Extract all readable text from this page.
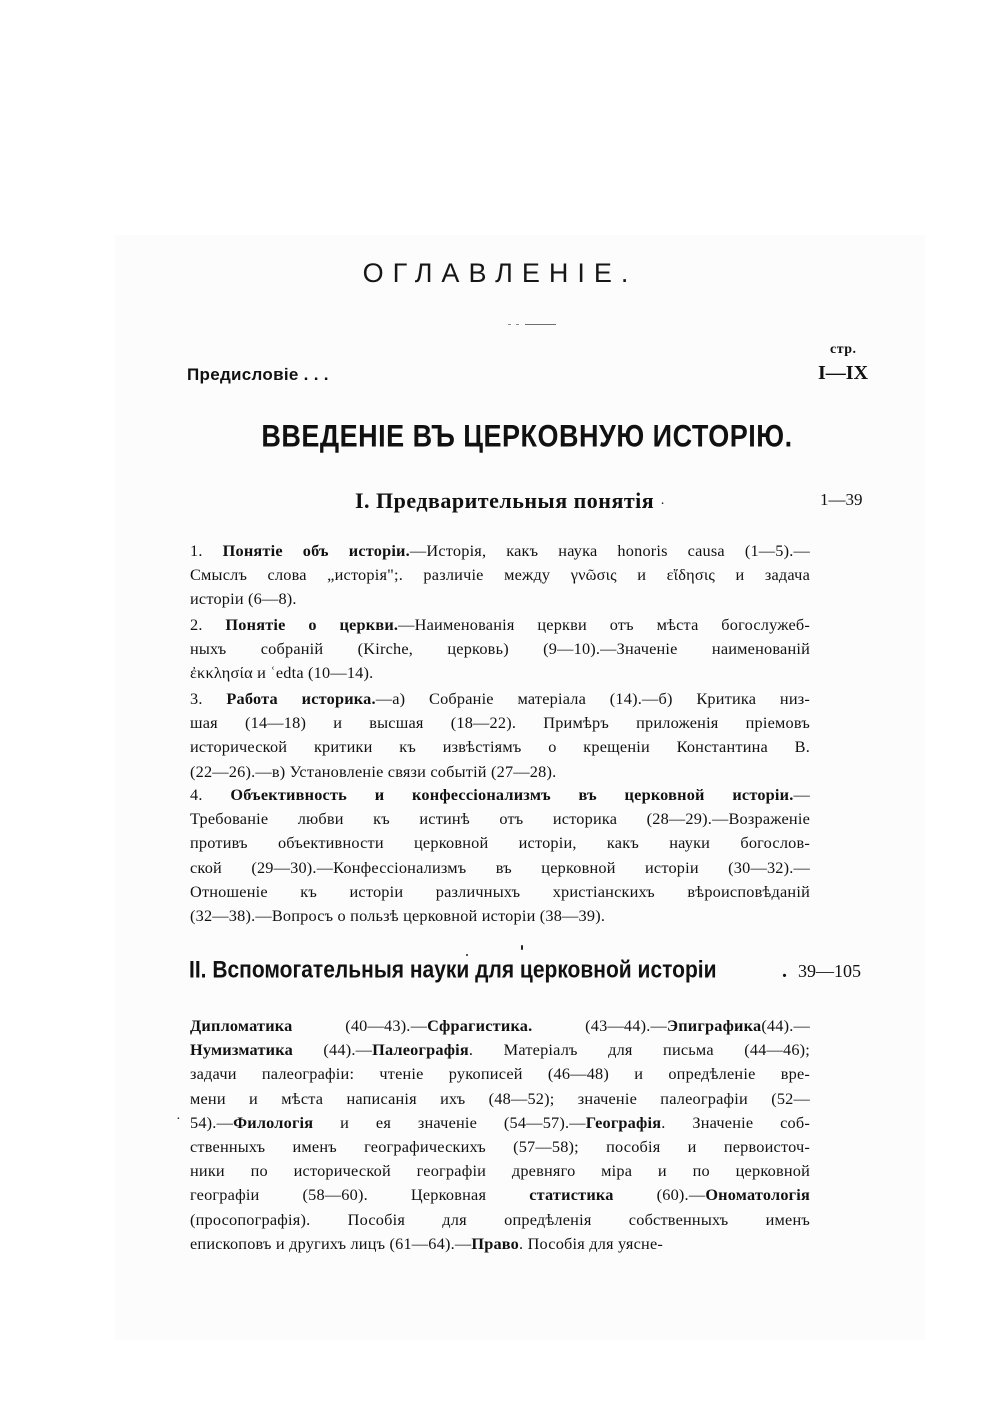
ОГЛАВЛЕНІЕ.
стр.
Предисловіе . . .	I—IX
ВВЕДЕНІЕ ВЪ ЦЕРКОВНУЮ ИСТОРІЮ.
I. Предварительныя понятія ·	1—39
1. Понятіе объ исторіи.—Исторія, какъ наука honoris causa (1—5).—
Смыслъ слова „исторія";. различіе между γνῶσις и εἴδησις и задача
исторіи (6—8).
2. Понятіе о церкви.—Наименованія церкви отъ мѣста богослужеб-
ныхъ собраній (Kirche, церковь) (9—10).—Значеніе наименованій
ἐκκλησία и ʿedta (10—14).
3. Работа историка.—а) Собраніе матеріала (14).—б) Критика низ-
шая (14—18) и высшая (18—22). Примѣръ приложенія пріемовъ
исторической критики къ извѣстіямъ о крещеніи Константина В.
(22—26).—в) Установленіе связи событій (27—28).
4. Объективность и конфессіонализмъ въ церковной исторіи.—
Требованіе любви къ истинѣ отъ историка (28—29).—Возраженіе
противъ объективности церковной исторіи, какъ науки богослов-
ской (29—30).—Конфессіонализмъ въ церковной исторіи (30—32).—
Отношеніе къ исторіи различныхъ христіанскихъ вѣроисповѣданій
(32—38).—Вопросъ о пользѣ церковной исторіи (38—39).
II. Вспомогательныя науки для церковной исторіи	. 39—105
Дипломатика (40—43).—Сфрагистика. (43—44).—Эпиграфика(44).—
Нумизматика (44).—Палеографія. Матеріалъ для письма (44—46);
задачи палеографіи: чтеніе рукописей (46—48) и опредѣленіе вре-
мени и мѣста написанія ихъ (48—52); значеніе палеографіи (52—
54).—Филологія и ея значеніе (54—57).—Географія. Значеніе соб-
ственныхъ именъ географическихъ (57—58); пособія и первоисточ-
ники по исторической географіи древняго міра и по церковной
географіи (58—60). Церковная статистика (60).—Ономатологія
(просопографія). Пособія для опредѣленія собственныхъ именъ
епископовъ и другихъ лицъ (61—64).—Право. Пособія для уясне-
·
